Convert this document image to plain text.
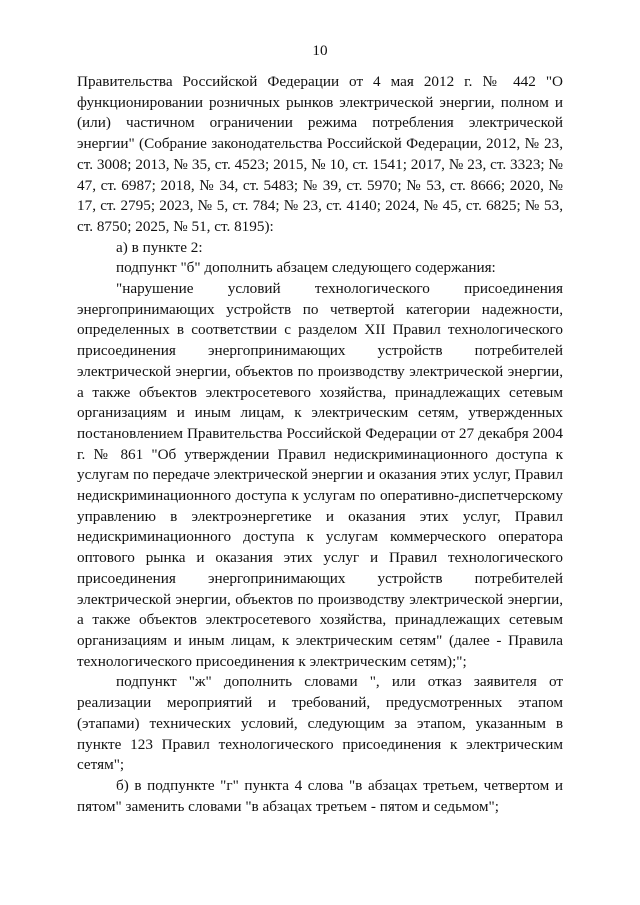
10

Правительства Российской Федерации от 4 мая 2012 г. № 442 "О функционировании розничных рынков электрической энергии, полном и (или) частичном ограничении режима потребления электрической энергии" (Собрание законодательства Российской Федерации, 2012, № 23, ст. 3008; 2013, № 35, ст. 4523; 2015, № 10, ст. 1541; 2017, № 23, ст. 3323; № 47, ст. 6987; 2018, № 34, ст. 5483; № 39, ст. 5970; № 53, ст. 8666; 2020, № 17, ст. 2795; 2023, № 5, ст. 784; № 23, ст. 4140; 2024, № 45, ст. 6825; № 53, ст. 8750; 2025, № 51, ст. 8195):

а) в пункте 2:

подпункт "б" дополнить абзацем следующего содержания:

"нарушение условий технологического присоединения энергопринимающих устройств по четвертой категории надежности, определенных в соответствии с разделом XII Правил технологического присоединения энергопринимающих устройств потребителей электрической энергии, объектов по производству электрической энергии, а также объектов электросетевого хозяйства, принадлежащих сетевым организациям и иным лицам, к электрическим сетям, утвержденных постановлением Правительства Российской Федерации от 27 декабря 2004 г. № 861 "Об утверждении Правил недискриминационного доступа к услугам по передаче электрической энергии и оказания этих услуг, Правил недискриминационного доступа к услугам по оперативно-диспетчерскому управлению в электроэнергетике и оказания этих услуг, Правил недискриминационного доступа к услугам коммерческого оператора оптового рынка и оказания этих услуг и Правил технологического присоединения энергопринимающих устройств потребителей электрической энергии, объектов по производству электрической энергии, а также объектов электросетевого хозяйства, принадлежащих сетевым организациям и иным лицам, к электрическим сетям" (далее - Правила технологического присоединения к электрическим сетям);";

подпункт "ж" дополнить словами ", или отказ заявителя от реализации мероприятий и требований, предусмотренных этапом (этапами) технических условий, следующим за этапом, указанным в пункте 123 Правил технологического присоединения к электрическим сетям";

б) в подпункте "г" пункта 4 слова "в абзацах третьем, четвертом и пятом" заменить словами "в абзацах третьем - пятом и седьмом";
